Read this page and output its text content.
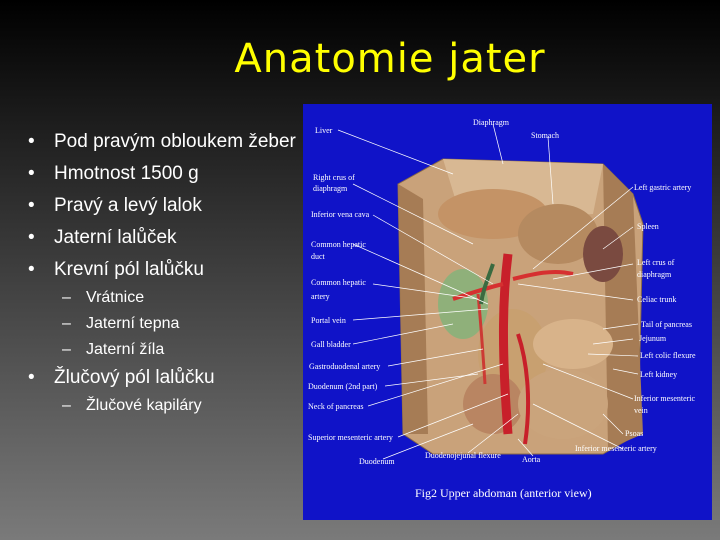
Anatomie jater
•	Pod pravým obloukem žeber
•	Hmotnost 1500 g
•	Pravý a levý lalok
•	Jaterní lalůček
•	Krevní pól lalůčku
– Vrátnice
– Jaterní tepna
– Jaterní žíla
•	Žlučový pól lalůčku
– Žlučové kapiláry
Liver
Diaphragm
Stomach
Right crus of
diaphragm	Left gastric artery
Inferior vena cava
Spleen
Common hepatic
duct
Left crus of
diaphragm
Common hepatic
artery	Celiac trunk
Portal vein	Tail of pancreas
Jejunum
Gall bladder
Left colic flexure
Gastroduodenal artery
Left kidney
Duodenum (2nd part)
Inferior mesenteric
vein
Neck of pancreas
Psoas
Superior mesenteric artery
Inferior mesenteric artery
Duodenum
Duodenojejunal flexure	Aorta
Fig2 Upper abdoman (anterior view)
